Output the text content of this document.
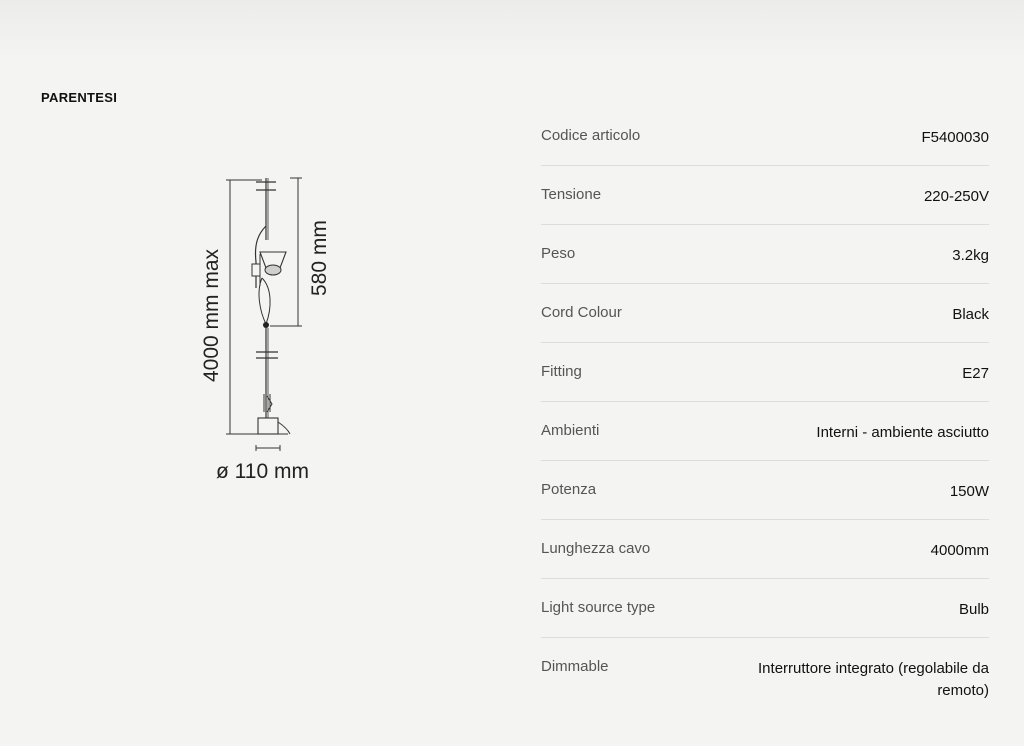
PARENTESI
4000 mm max	580 mm
ø 110 mm
Codice articolo	F5400030
Tensione	220-250V
Peso	3.2kg
Cord Colour	Black
Fitting	E27
Ambienti	Interni - ambiente asciutto
Potenza	150W
Lunghezza cavo	4000mm
Light source type	Bulb
Dimmable	Interruttore integrato (regolabile da remoto)
